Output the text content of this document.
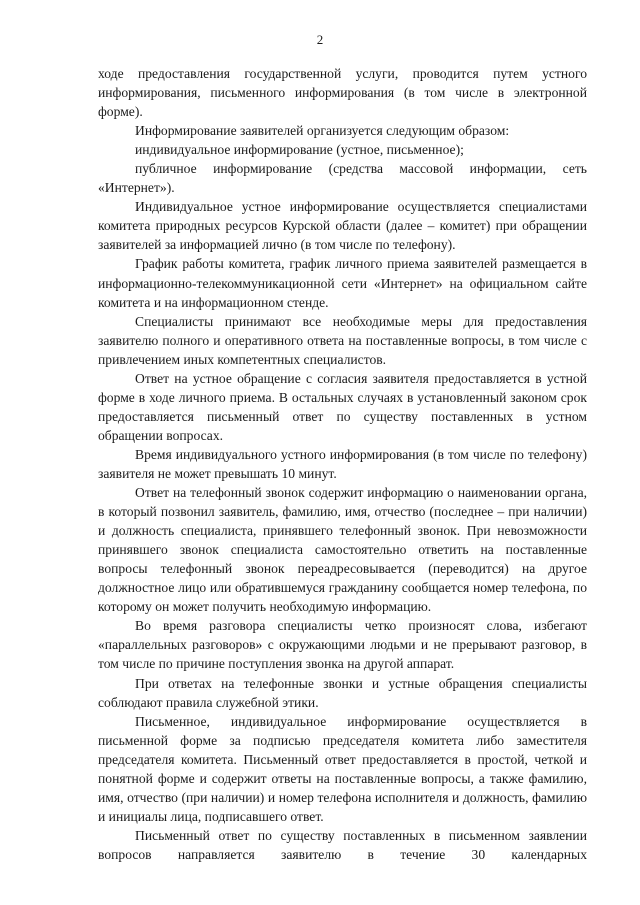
2

ходе предоставления государственной услуги, проводится путем устного информирования, письменного информирования (в том числе в электронной форме).

Информирование заявителей организуется следующим образом:

индивидуальное информирование (устное, письменное);

публичное информирование (средства массовой информации, сеть «Интернет»).

Индивидуальное устное информирование осуществляется специалистами комитета природных ресурсов Курской области (далее – комитет) при обращении заявителей за информацией лично (в том числе по телефону).

График работы комитета, график личного приема заявителей размещается в информационно-телекоммуникационной сети «Интернет» на официальном сайте комитета и на информационном стенде.

Специалисты принимают все необходимые меры для предоставления заявителю полного и оперативного ответа на поставленные вопросы, в том числе с привлечением иных компетентных специалистов.

Ответ на устное обращение с согласия заявителя предоставляется в устной форме в ходе личного приема. В остальных случаях в установленный законом срок предоставляется письменный ответ по существу поставленных в устном обращении вопросах.

Время индивидуального устного информирования (в том числе по телефону) заявителя не может превышать 10 минут.

Ответ на телефонный звонок содержит информацию о наименовании органа, в который позвонил заявитель, фамилию, имя, отчество (последнее – при наличии) и должность специалиста, принявшего телефонный звонок. При невозможности принявшего звонок специалиста самостоятельно ответить на поставленные вопросы телефонный звонок переадресовывается (переводится) на другое должностное лицо или обратившемуся гражданину сообщается номер телефона, по которому он может получить необходимую информацию.

Во время разговора специалисты четко произносят слова, избегают «параллельных разговоров» с окружающими людьми и не прерывают разговор, в том числе по причине поступления звонка на другой аппарат.

При ответах на телефонные звонки и устные обращения специалисты соблюдают правила служебной этики.

Письменное, индивидуальное информирование осуществляется в письменной форме за подписью председателя комитета либо заместителя председателя комитета. Письменный ответ предоставляется в простой, четкой и понятной форме и содержит ответы на поставленные вопросы, а также фамилию, имя, отчество (при наличии) и номер телефона исполнителя и должность, фамилию и инициалы лица, подписавшего ответ.

Письменный ответ по существу поставленных в письменном заявлении вопросов направляется заявителю в течение 30 календарных
